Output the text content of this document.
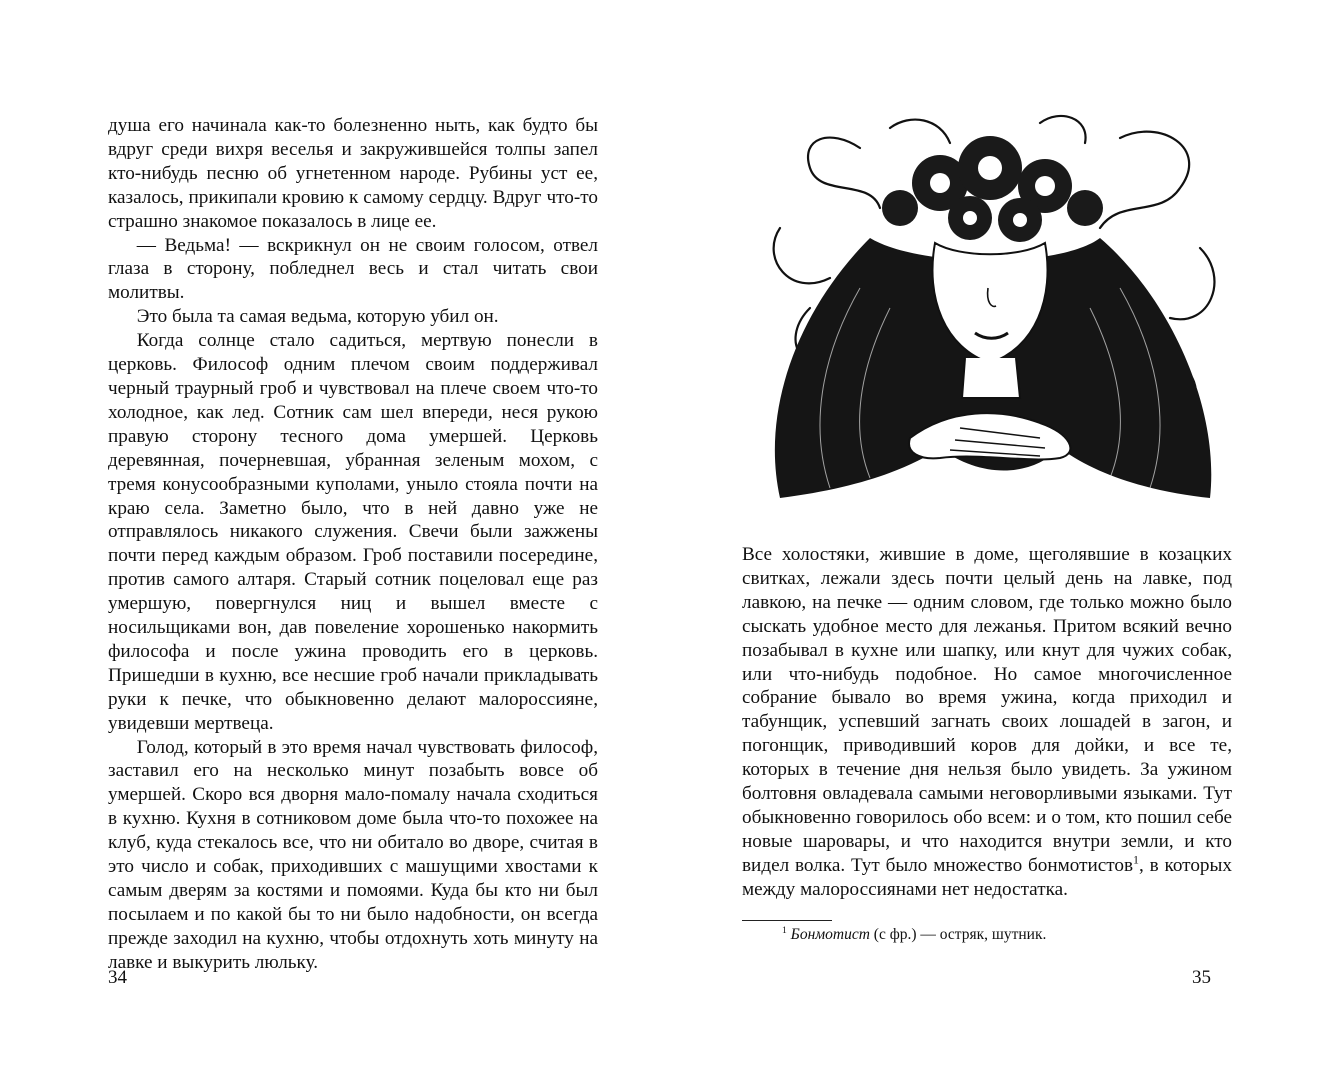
душа его начинала как-то болезненно ныть, как будто бы вдруг среди вихря веселья и закружившейся толпы запел кто-нибудь песню об угнетенном народе. Рубины уст ее, казалось, прикипали кровию к самому сердцу. Вдруг что-то страшно знакомое показалось в лице ее.

— Ведьма! — вскрикнул он не своим голосом, отвел глаза в сторону, побледнел весь и стал читать свои молитвы.

Это была та самая ведьма, которую убил он.

Когда солнце стало садиться, мертвую понесли в церковь. Философ одним плечом своим поддерживал черный траурный гроб и чувствовал на плече своем что-то холодное, как лед. Сотник сам шел впереди, неся рукою правую сторону тесного дома умершей. Церковь деревянная, почерневшая, убранная зеленым мохом, с тремя конусообразными куполами, уныло стояла почти на краю села. Заметно было, что в ней давно уже не отправлялось никакого служения. Свечи были зажжены почти перед каждым образом. Гроб поставили посередине, против самого алтаря. Старый сотник поцеловал еще раз умершую, повергнулся ниц и вышел вместе с носильщиками вон, дав повеление хорошенько накормить философа и после ужина проводить его в церковь. Пришедши в кухню, все несшие гроб начали прикладывать руки к печке, что обыкновенно делают малороссияне, увидевши мертвеца.

Голод, который в это время начал чувствовать философ, заставил его на несколько минут позабыть вовсе об умершей. Скоро вся дворня мало-помалу начала сходиться в кухню. Кухня в сотниковом доме была что-то похожее на клуб, куда стекалось все, что ни обитало во дворе, считая в это число и собак, приходивших с машущими хвостами к самым дверям за костями и помоями. Куда бы кто ни был посылаем и по какой бы то ни было надобности, он всегда прежде заходил на кухню, чтобы отдохнуть хоть минуту на лавке и выкурить люльку.

34

Все холостяки, жившие в доме, щеголявшие в козацких свитках, лежали здесь почти целый день на лавке, под лавкою, на печке — одним словом, где только можно было сыскать удобное место для лежанья. Притом всякий вечно позабывал в кухне или шапку, или кнут для чужих собак, или что-нибудь подобное. Но самое многочисленное собрание бывало во время ужина, когда приходил и табунщик, успевший загнать своих лошадей в загон, и погонщик, приводивший коров для дойки, и все те, которых в течение дня нельзя было увидеть. За ужином болтовня овладевала самыми неговорливыми языками. Тут обыкновенно говорилось обо всем: и о том, кто пошил себе новые шаровары, и что находится внутри земли, и кто видел волка. Тут было множество бонмотистов$^1$, в которых между малороссиянами нет недостатка.

$^1$ Бонмотист (с фр.) — остряк, шутник.
35
